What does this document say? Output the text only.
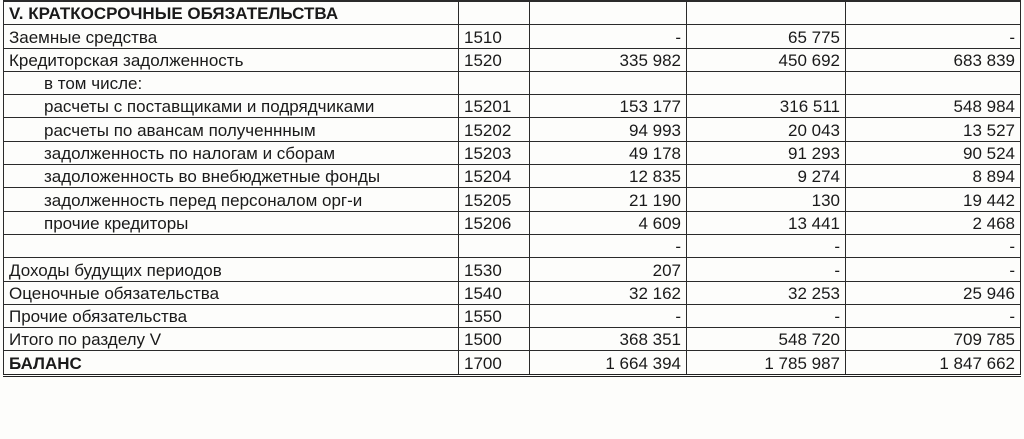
V. КРАТКОСРОЧНЫЕ ОБЯЗАТЕЛЬСТВА				
Заемные средства	1510	-	65 775	-
Кредиторская задолженность	1520	335 982	450 692	683 839
в том числе:				
расчеты с поставщиками и подрядчиками	15201	153 177	316 511	548 984
расчеты по авансам полученнным	15202	94 993	20 043	13 527
задолженность по налогам и сборам	15203	49 178	91 293	90 524
задоложенность во внебюджетные фонды	15204	12 835	9 274	8 894
задолженность перед персоналом орг-и	15205	21 190	130	19 442
прочие кредиторы	15206	4 609	13 441	2 468
		-	-	-
Доходы будущих периодов	1530	207	-	-
Оценочные обязательства	1540	32 162	32 253	25 946
Прочие обязательства	1550	-	-	-
Итого по разделу V	1500	368 351	548 720	709 785
БАЛАНС	1700	1 664 394	1 785 987	1 847 662
